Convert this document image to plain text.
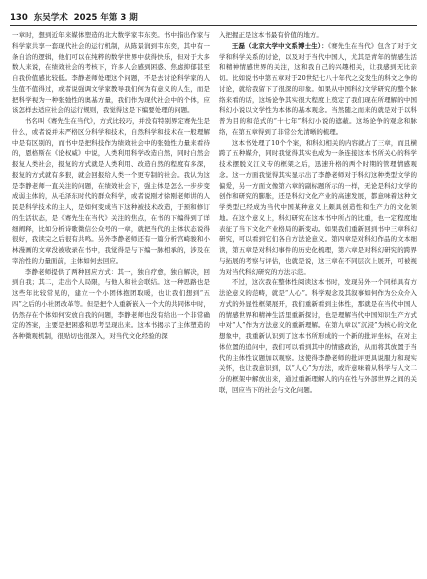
130 东吴学术 2025 年第 3 期

一章时，想到近年来媒体塑造的北大数学家韦东奕。书中指出作家与科学家共享一套现代社会的运行机制，从陈景润到韦东奕，其中有一条自洽的逻辑，他们可以在纯粹的数学世界中获得快乐，但对于大多数人来说，在绩效社会的考核下，许多人会感到困惑、焦虑抑郁甚至自我价值感比较低。李静老师处理这个问题，不是去讨论科学家的人生值不值得过，或者说强调文学家教导我们何为有意义的人生，而是把科学视为一种张弛性的奥基方量，我们作为现代社会中的个体，应该怎样去适应社会的运行规则，我觉得这是下编要处理的问题。

书名叫《赛先生在当代》，方式比较巧，并没有特别界定赛先生是什么，或者说并未严格区分科学和技术，自然科学和技术在一般理解中是有区别的，而书中是把科技作为绩效社会中的张弛性力量来看待的，恩格斯在《论权威》中说，人类利用科学改造自然，同时自然会报复人类社会，报复的方式就是人类利用、改造自然的程度有多深，报复的方式就有多狠，就会回报给人类一个更专制的社会。我认为这是李静老师一直关注的问题，在绩效社会下，强主体是怎么一步步变成弱主体的，从毛泽东时代的群众科学，或者说刚才徐刚老师讲的人民是科学技术的主人，是如何变成当下这种被技术改造，于预和修订的生活状态，是《赛先生在当代》关注的焦点，在书的下编得到了详细阐释，比如分析诗歌微信公众号的一章，就把当代的主体状态说得很好，我读完之后很有共鸣。另外李静老师还有一篇分析宫崎骏和小林漫画的文章没被收录在书中，我觉得是与下编一脉相承的，涉及在宰治性的力量面前，主体如何去回应。

李静老师提供了两种回应方式：其一，独自疗愈，独自解决，回到自我；其二，走出个人局限，与他人和社会联结。这一种思路也是这些年比较常见的，建立一个小团体抱团取暖，也让我们想到“五四”之后的小社团改革等。但是把个人重新嵌入一个大的共同体中时，仍然存在个体如何安放自我的问题，李静老师也没有给出一个非常确定的答案，主要是把困惑和思考呈现出来。这本书揭示了主体塑造的各种微观机制，很贴切也很深入，对当代文化经验的深

入把握正是这本书最有价值的地方。

王磊（北京大学中文系博士生）：《赛先生在当代》包含了对于文学和科学关系的讨论，以及对于当代中国人，尤其是青年的情感生活和精神情感世界的关注，这和我自己的兴趣相关，让我感到无比亲切。比如说书中第五章对于20世纪七八十年代之交发生的科文之争的讨论，就给我留下了很深的印象。如果从中国科幻文学研究的整个脉络来看的话，这场论争其实很大程度上奠定了我们现在所理解的中国科幻小说以文学性为本体的基本观念。当然随之而来的就是对于以科普为目的和范式的“十七年”科幻小说的遮蔽。这场论争的观念和脉络，在第五章得到了非常公允清晰的梳理。

这本书处理了10个个案，和科幻相关的内容就占了三章，而且横跨了五种媒介，同时我觉得其实也成为一条连接这本书所关心的科学技术摆脱义江义专的框架之后，迅速升格的两个时期的管理情感观念。这一方面我觉得其实显示出了李静老师对于科幻这种类型文学的偏爱，另一方面文像第六章的副标题所示的一样，无论是科幻文学的创作和研究的膨胀，还是科幻文化产业的高速发展，都意味着这种文学类型已经成为当代中国某种意义上颇具创造性和生产力的文化领地。在这个意义上，科幻研究在这本书中所占的比重，也一定程度地表征了当下文化产业格局的新变动。如果我们重新回到书中三章科幻研究，可以看到它们各自方法论意义。第四章是对科幻作品的文本细读，第五章是对科幻事件的历史化梳理，第六章是对科幻研究的跨界与拓展的考察与评估，也就是说，这三章在不同层次上展开，可被视为对当代科幻研究的方法示范。

不过，这次我在整体性阅读这本书时，发现另外一个同样具有方法论意义的范畴，就是“人心”。科学观念及其叙事如何作为公众介入方式的外显性框架展开，我们重新看到主体性，那就是在当代中国人的情感世界和精神生活里重新探讨，也是理解当代中国知识生产方式中对“人”作为方法意义的重新理解。在第九章以“沉浸”为核心的文化想象中，我重新认识到了这本书所形成的一个新的批评坐标，在对主体位置的追问中，我们可以看到其中的情感政治，从而将其放置于当代的主体性议题加以观察。这使得李静老师的批评更具说服力和现实关怀，也让我意识到，以“人心”为方法，或许意味着从科学与人文二分的框架中解放出来，通过重新理解人的内在性与外部世界之间的关联，回应当下的社会与文化问题。
